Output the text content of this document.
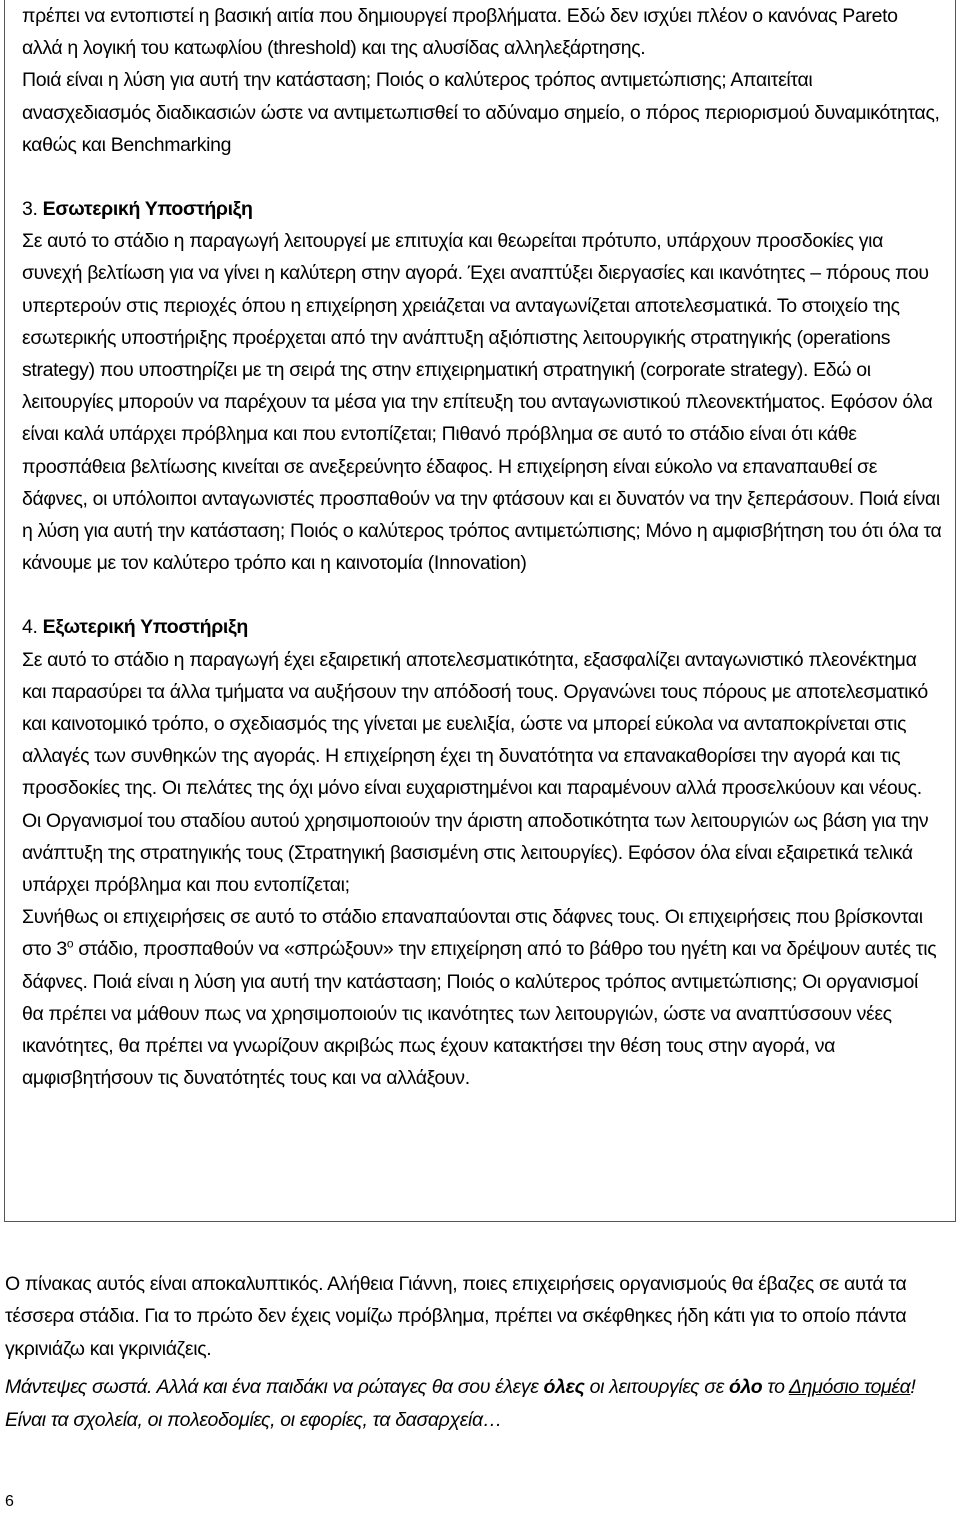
πρέπει να εντοπιστεί η βασική αιτία που δημιουργεί προβλήματα. Εδώ δεν ισχύει πλέον ο κανόνας Pareto αλλά η λογική του κατωφλίου (threshold) και της αλυσίδας αλληλεξάρτησης.

Ποιά είναι η λύση για αυτή την κατάσταση; Ποιός ο καλύτερος τρόπος αντιμετώπισης; Απαιτείται ανασχεδιασμός διαδικασιών ώστε να αντιμετωπισθεί το αδύναμο σημείο, ο πόρος περιορισμού δυναμικότητας, καθώς και Benchmarking

3. Εσωτερική Υποστήριξη

Σε αυτό το στάδιο η παραγωγή λειτουργεί με επιτυχία και θεωρείται πρότυπο, υπάρχουν προσδοκίες για συνεχή βελτίωση για να γίνει η καλύτερη στην αγορά. Έχει αναπτύξει διεργασίες και ικανότητες – πόρους που υπερτερούν στις περιοχές όπου η επιχείρηση χρειάζεται να ανταγωνίζεται αποτελεσματικά. Το στοιχείο της εσωτερικής υποστήριξης προέρχεται από την ανάπτυξη αξιόπιστης λειτουργικής στρατηγικής (operations strategy) που υποστηρίζει με τη σειρά της στην επιχειρηματική στρατηγική (corporate strategy). Εδώ οι λειτουργίες μπορούν να παρέχουν τα μέσα για την επίτευξη του ανταγωνιστικού πλεονεκτήματος. Εφόσον όλα είναι καλά υπάρχει πρόβλημα και που εντοπίζεται; Πιθανό πρόβλημα σε αυτό το στάδιο είναι ότι κάθε προσπάθεια βελτίωσης κινείται σε ανεξερεύνητο έδαφος. Η επιχείρηση είναι εύκολο να επαναπαυθεί σε δάφνες, οι υπόλοιποι ανταγωνιστές προσπαθούν να την φτάσουν και ει δυνατόν να την ξεπεράσουν. Ποιά είναι η λύση για αυτή την κατάσταση; Ποιός ο καλύτερος τρόπος αντιμετώπισης; Μόνο η αμφισβήτηση του ότι όλα τα κάνουμε με τον καλύτερο τρόπο και η καινοτομία (Innovation)

4. Εξωτερική Υποστήριξη

Σε αυτό το στάδιο η παραγωγή έχει εξαιρετική αποτελεσματικότητα, εξασφαλίζει ανταγωνιστικό πλεονέκτημα και παρασύρει τα άλλα τμήματα να αυξήσουν την απόδοσή τους. Οργανώνει τους πόρους με αποτελεσματικό και καινοτομικό τρόπο, ο σχεδιασμός της γίνεται με ευελιξία, ώστε να μπορεί εύκολα να ανταποκρίνεται στις αλλαγές των συνθηκών της αγοράς. Η επιχείρηση έχει τη δυνατότητα να επανακαθορίσει την αγορά και τις προσδοκίες της. Οι πελάτες της όχι μόνο είναι ευχαριστημένοι και παραμένουν αλλά προσελκύουν και νέους. Οι Οργανισμοί του σταδίου αυτού χρησιμοποιούν την άριστη αποδοτικότητα των λειτουργιών ως βάση για την ανάπτυξη της στρατηγικής τους (Στρατηγική βασισμένη στις λειτουργίες). Εφόσον όλα είναι εξαιρετικά τελικά υπάρχει πρόβλημα και που εντοπίζεται;

Συνήθως οι επιχειρήσεις σε αυτό το στάδιο επαναπαύονται στις δάφνες τους. Οι επιχειρήσεις που βρίσκονται στο $3^o$ στάδιο, προσπαθούν να «σπρώξουν» την επιχείρηση από το βάθρο του ηγέτη και να δρέψουν αυτές τις δάφνες. Ποιά είναι η λύση για αυτή την κατάσταση; Ποιός ο καλύτερος τρόπος αντιμετώπισης; Οι οργανισμοί θα πρέπει να μάθουν πως να χρησιμοποιούν τις ικανότητες των λειτουργιών, ώστε να αναπτύσσουν νέες ικανότητες, θα πρέπει να γνωρίζουν ακριβώς πως έχουν κατακτήσει την θέση τους στην αγορά, να αμφισβητήσουν τις δυνατότητές τους και να αλλάξουν.

Ο πίνακας αυτός είναι αποκαλυπτικός. Αλήθεια Γιάννη, ποιες επιχειρήσεις οργανισμούς θα έβαζες σε αυτά τα τέσσερα στάδια. Για το πρώτο δεν έχεις νομίζω πρόβλημα, πρέπει να σκέφθηκες ήδη κάτι για το οποίο πάντα γκρινιάζω και γκρινιάζεις.

Μάντεψες σωστά. Αλλά και ένα παιδάκι να ρώταγες θα σου έλεγε όλες οι λειτουργίες σε όλο το Δημόσιο τομέα! Είναι τα σχολεία, οι πολεοδομίες, οι εφορίες, τα δασαρχεία…

6
